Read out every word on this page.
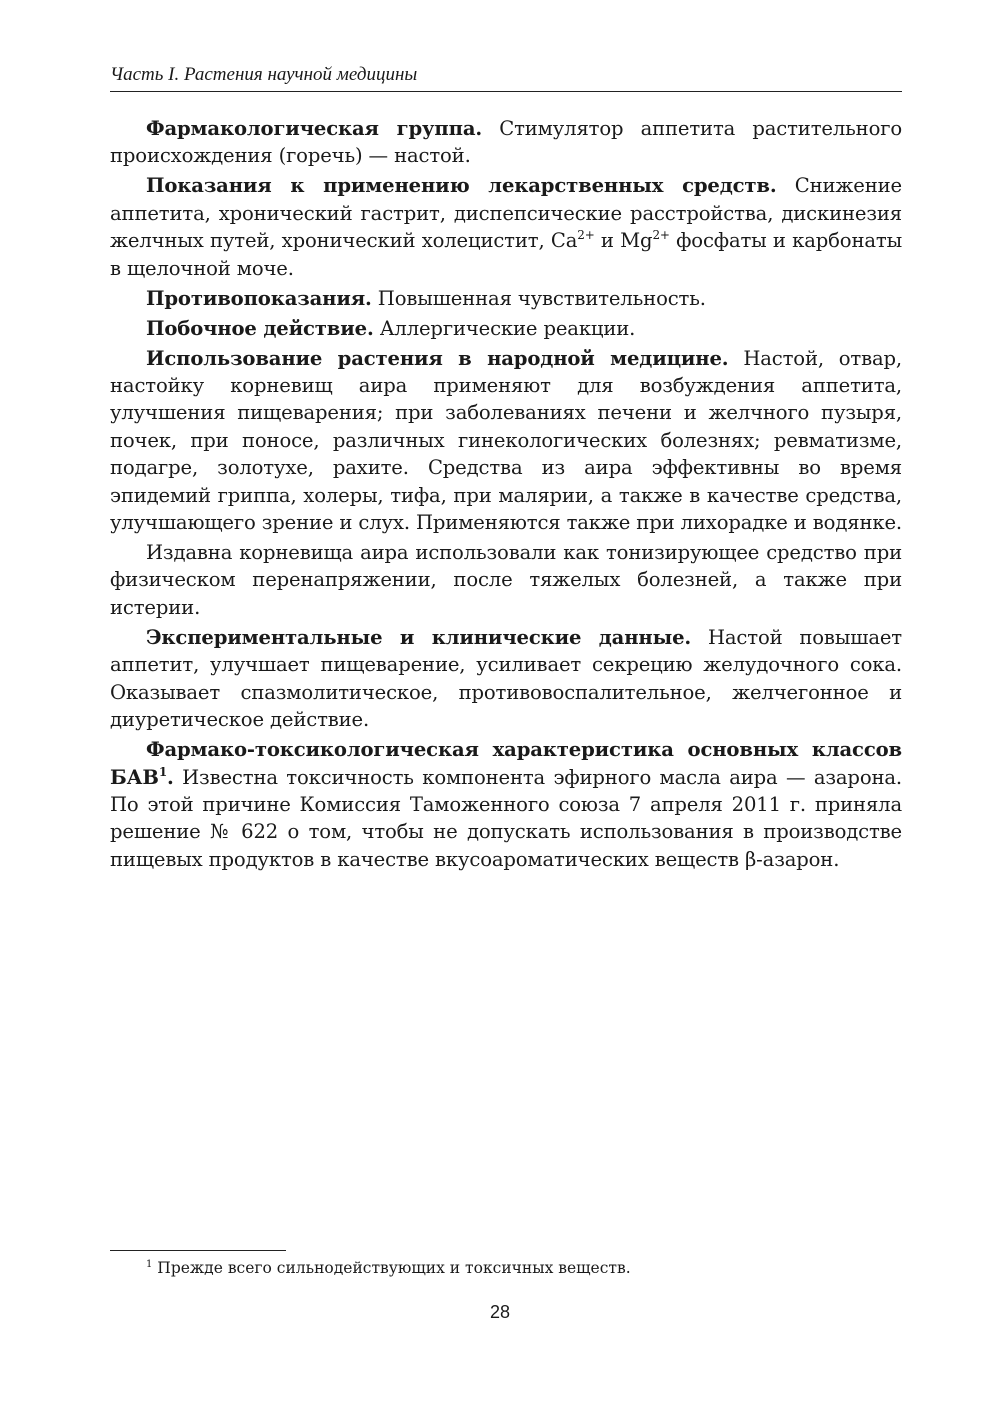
Часть I. Растения научной медицины

Фармакологическая группа. Стимулятор аппетита растительного происхождения (горечь) — настой.

Показания к применению лекарственных средств. Снижение аппетита, хронический гастрит, диспепсические расстройства, дискинезия желчных путей, хронический холецистит, $Ca^{2+}$ и $Mg^{2+}$ фосфаты и карбонаты в щелочной моче.

Противопоказания. Повышенная чувствительность.

Побочное действие. Аллергические реакции.

Использование растения в народной медицине. Настой, отвар, настойку корневищ аира применяют для возбуждения аппетита, улучшения пищеварения; при заболеваниях печени и желчного пузыря, почек, при поносе, различных гинекологических болезнях; ревматизме, подагре, золотухе, рахите. Средства из аира эффективны во время эпидемий гриппа, холеры, тифа, при малярии, а также в качестве средства, улучшающего зрение и слух. Применяются также при лихорадке и водянке.

Издавна корневища аира использовали как тонизирующее средство при физическом перенапряжении, после тяжелых болезней, а также при истерии.

Экспериментальные и клинические данные. Настой повышает аппетит, улучшает пищеварение, усиливает секрецию желудочного сока. Оказывает спазмолитическое, противовоспалительное, желчегонное и диуретическое действие.

Фармако-токсикологическая характеристика основных классов БАВ$^1$. Известна токсичность компонента эфирного масла аира — азарона. По этой причине Комиссия Таможенного союза 7 апреля 2011 г. приняла решение № 622 о том, чтобы не допускать использования в производстве пищевых продуктов в качестве вкусоароматических веществ β-азарон.

$^1$ Прежде всего сильнодействующих и токсичных веществ.
28
